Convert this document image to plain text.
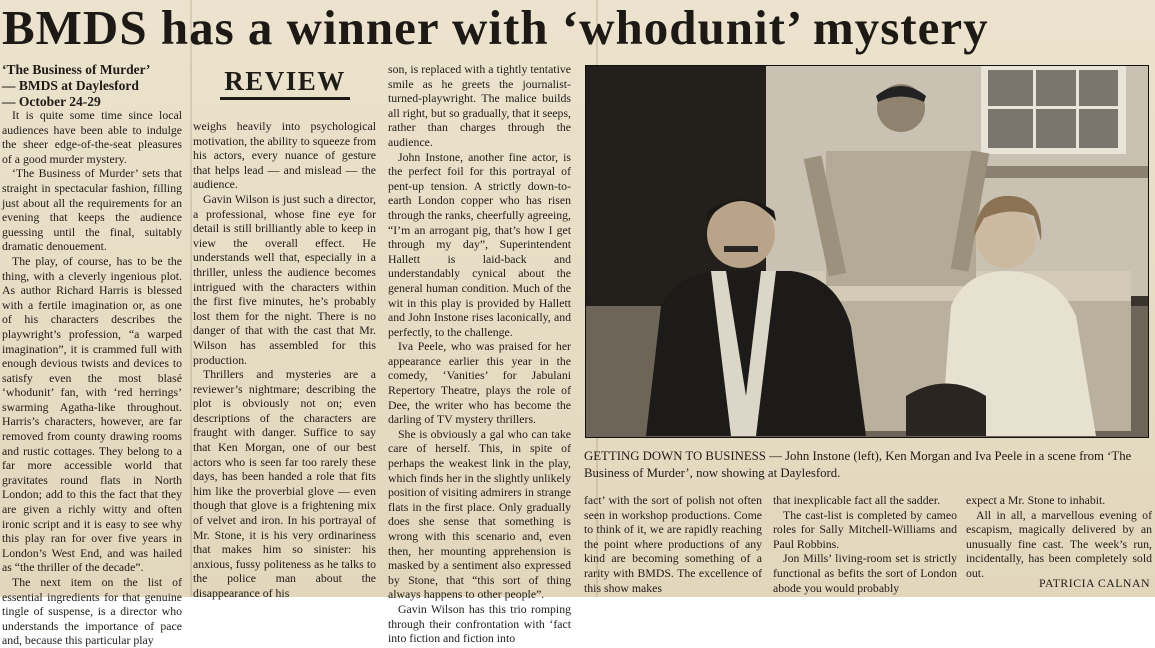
BMDS has a winner with ‘whodunit’ mystery
‘The Business of Murder’
— BMDS at Daylesford
— October 24-29
REVIEW

It is quite some time since local audiences have been able to indulge the sheer edge-of-the-seat pleasures of a good murder mystery.

‘The Business of Murder’ sets that straight in spectacular fashion, filling just about all the requirements for an evening that keeps the audience guessing until the final, suitably dramatic denouement.

The play, of course, has to be the thing, with a cleverly ingenious plot. As author Richard Harris is blessed with a fertile imagination or, as one of his characters describes the playwright’s profession, “a warped imagination”, it is crammed full with enough devious twists and devices to satisfy even the most blasé ‘whodunit’ fan, with ‘red herrings’ swarming Agatha-like throughout. Harris’s characters, however, are far removed from county drawing rooms and rustic cottages. They belong to a far more accessible world that gravitates round flats in North London; add to this the fact that they are given a richly witty and often ironic script and it is easy to see why this play ran for over five years in London’s West End, and was hailed as “the thriller of the decade”.

The next item on the list of essential ingredients for that genuine tingle of suspense, is a director who understands the importance of pace and, because this particular play

weighs heavily into psychological motivation, the ability to squeeze from his actors, every nuance of gesture that helps lead — and mislead — the audience.

Gavin Wilson is just such a director, a professional, whose fine eye for detail is still brilliantly able to keep in view the overall effect. He understands well that, especially in a thriller, unless the audience becomes intrigued with the characters within the first five minutes, he’s probably lost them for the night. There is no danger of that with the cast that Mr. Wilson has assembled for this production.

Thrillers and mysteries are a reviewer’s nightmare; describing the plot is obviously not on; even descriptions of the characters are fraught with danger. Suffice to say that Ken Morgan, one of our best actors who is seen far too rarely these days, has been handed a role that fits him like the proverbial glove — even though that glove is a frightening mix of velvet and iron. In his portrayal of Mr. Stone, it is his very ordinariness that makes him so sinister: his anxious, fussy politeness as he talks to the police man about the disappearance of his

son, is replaced with a tightly tentative smile as he greets the journalist-turned-playwright. The malice builds all right, but so gradually, that it seeps, rather than charges through the audience.

John Instone, another fine actor, is the perfect foil for this portrayal of pent-up tension. A strictly down-to-earth London copper who has risen through the ranks, cheerfully agreeing, “I’m an arrogant pig, that’s how I get through my day”, Superintendent Hallett is laid-back and understandably cynical about the general human condition. Much of the wit in this play is provided by Hallett and John Instone rises laconically, and perfectly, to the challenge.

Iva Peele, who was praised for her appearance earlier this year in the comedy, ‘Vanities’ for Jabulani Repertory Theatre, plays the role of Dee, the writer who has become the darling of TV mystery thrillers.

She is obviously a gal who can take care of herself. This, in spite of perhaps the weakest link in the play, which finds her in the slightly unlikely position of visiting admirers in strange flats in the first place. Only gradually does she sense that something is wrong with this scenario and, even then, her mounting apprehension is masked by a sentiment also expressed by Stone, that “this sort of thing always happens to other people”.

Gavin Wilson has this trio romping through their confrontation with ‘fact into fiction and fiction into

GETTING DOWN TO BUSINESS — John Instone (left), Ken Morgan and Iva Peele in a scene from ‘The Business of Murder’, now showing at Daylesford.

fact’ with the sort of polish not often seen in workshop productions. Come to think of it, we are rapidly reaching the point where productions of any kind are becoming something of a rarity with BMDS. The excellence of this show makes

that inexplicable fact all the sadder.

The cast-list is completed by cameo roles for Sally Mitchell-Williams and Paul Robbins.

Jon Mills’ living-room set is strictly functional as befits the sort of London abode you would probably

expect a Mr. Stone to inhabit.

All in all, a marvellous evening of escapism, magically delivered by an unusually fine cast. The week’s run, incidentally, has been completely sold out.

PATRICIA CALNAN
